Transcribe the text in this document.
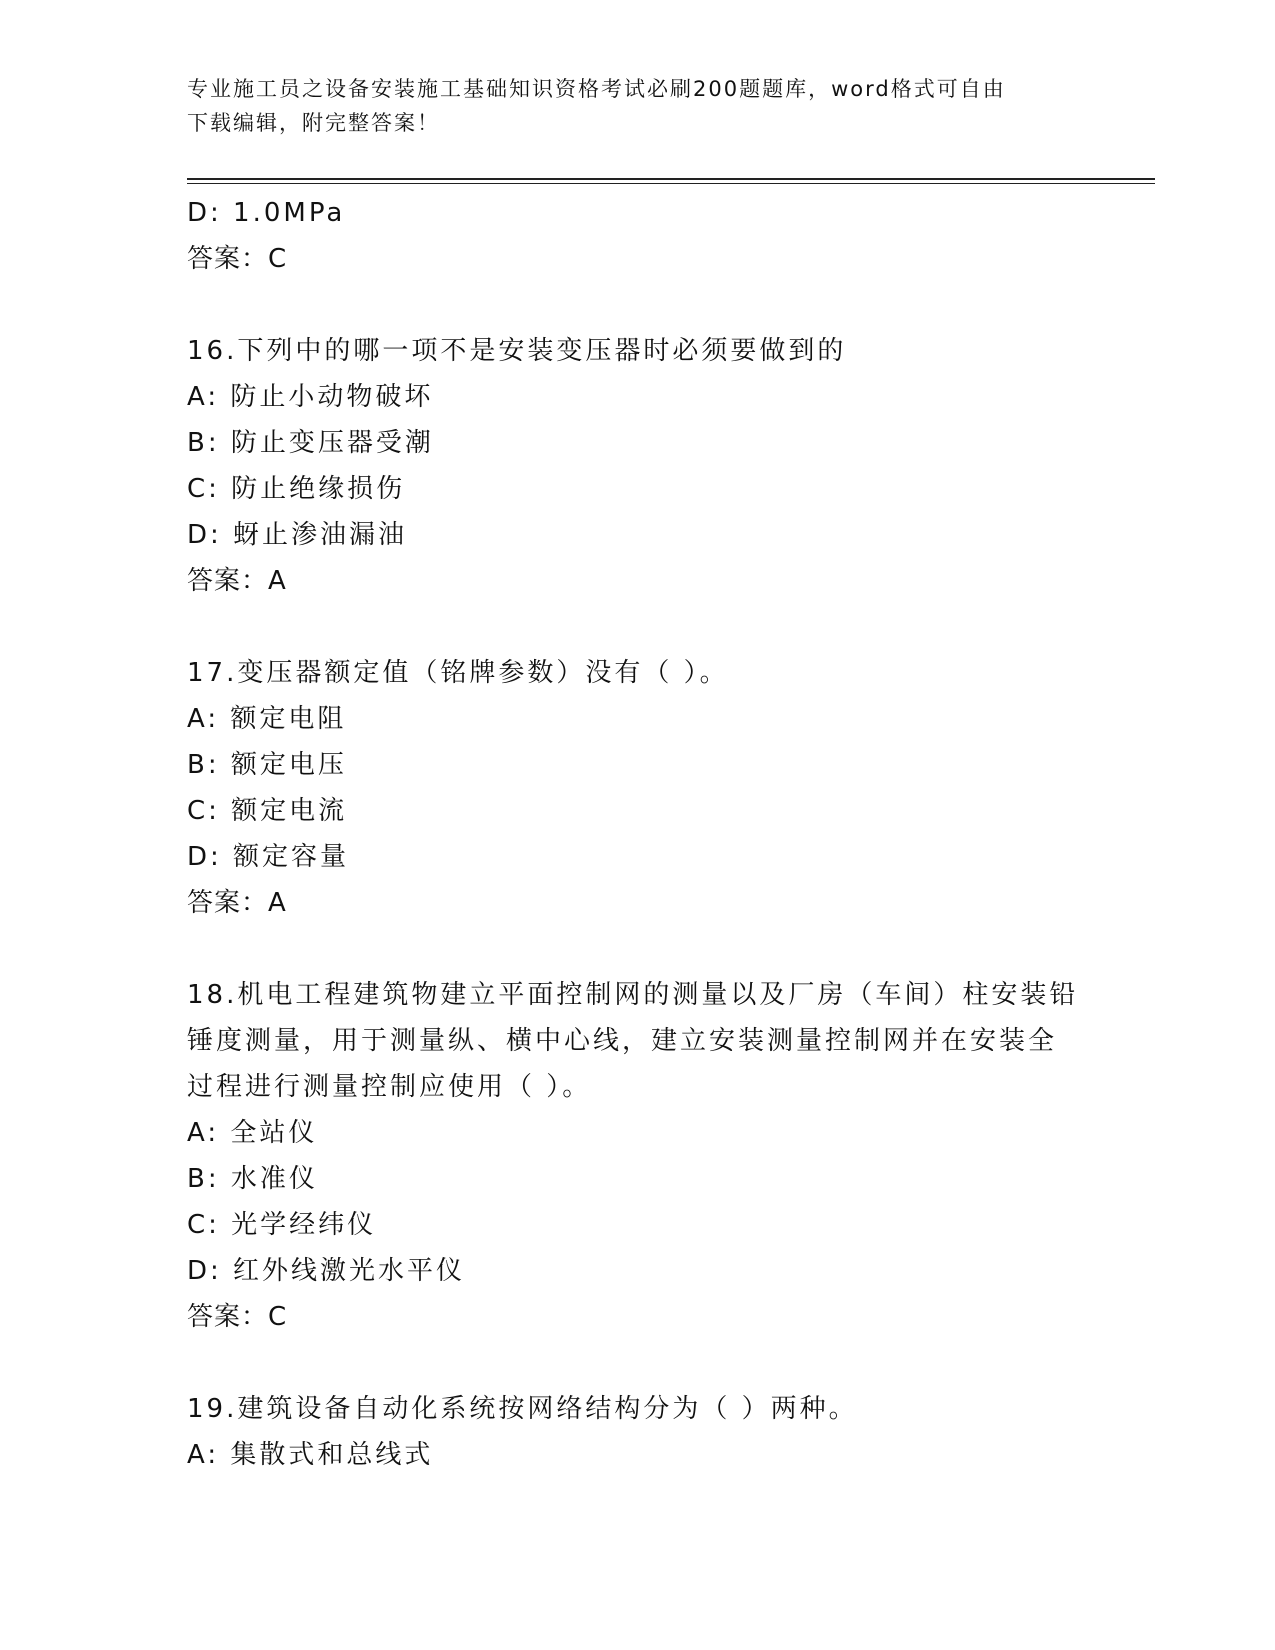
专业施工员之设备安装施工基础知识资格考试必刷200题题库，word格式可自由
下载编辑，附完整答案！
D: 1.0MPa
答案：C
16.下列中的哪一项不是安装变压器时必须要做到的
A: 防止小动物破坏
B: 防止变压器受潮
C: 防止绝缘损伤
D: 蚜止渗油漏油
答案：A
17.变压器额定值（铭牌参数）没有（ ）。
A: 额定电阻
B: 额定电压
C: 额定电流
D: 额定容量
答案：A
18.机电工程建筑物建立平面控制网的测量以及厂房（车间）柱安装铅
锤度测量，用于测量纵、横中心线，建立安装测量控制网并在安装全
过程进行测量控制应使用（ ）。
A: 全站仪
B: 水准仪
C: 光学经纬仪
D: 红外线激光水平仪
答案：C
19.建筑设备自动化系统按网络结构分为（ ）两种。
A: 集散式和总线式
